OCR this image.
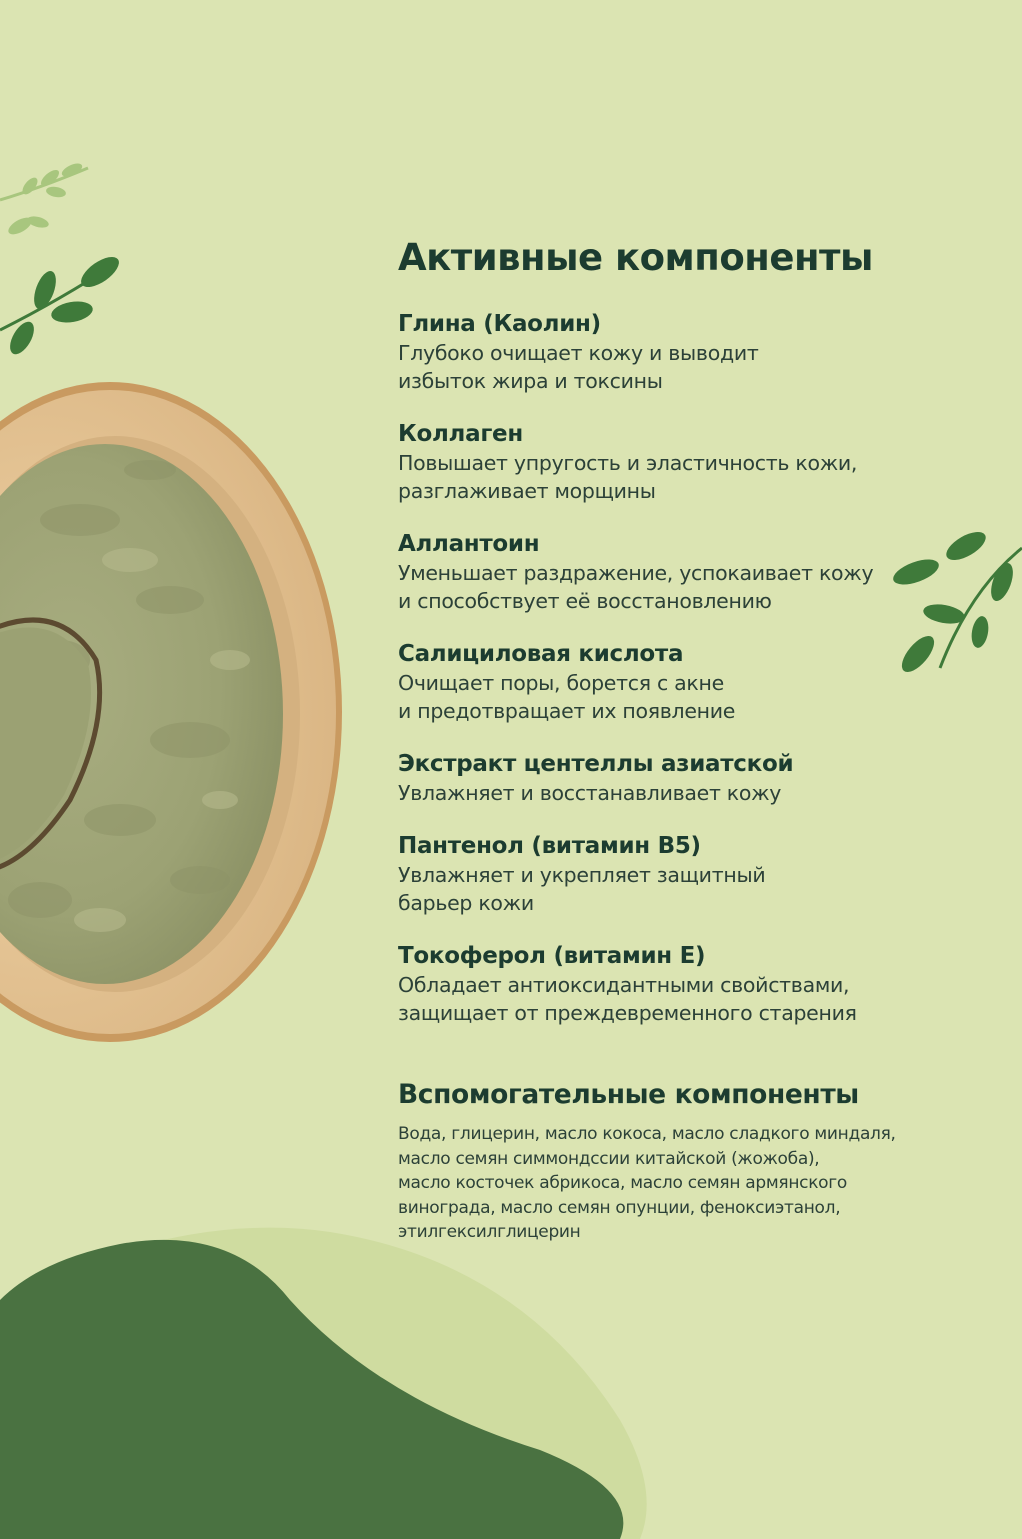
Активные компоненты
Глина (Каолин)
Глубоко очищает кожу и выводит
избыток жира и токсины
Коллаген
Повышает упругость и эластичность кожи,
разглаживает морщины
Аллантоин
Уменьшает раздражение, успокаивает кожу
и способствует её восстановлению
Салициловая кислота
Очищает поры, борется с акне
и предотвращает их появление
Экстракт центеллы азиатской
Увлажняет и восстанавливает кожу
Пантенол (витамин В5)
Увлажняет и укрепляет защитный
барьер кожи
Токоферол (витамин Е)
Обладает антиоксидантными свойствами,
защищает от преждевременного старения
Вспомогательные компоненты
Вода, глицерин, масло кокоса, масло сладкого миндаля,
масло семян симмондссии китайской (жожоба),
масло косточек абрикоса, масло семян армянского
винограда, масло семян опунции, феноксиэтанол,
этилгексилглицерин
